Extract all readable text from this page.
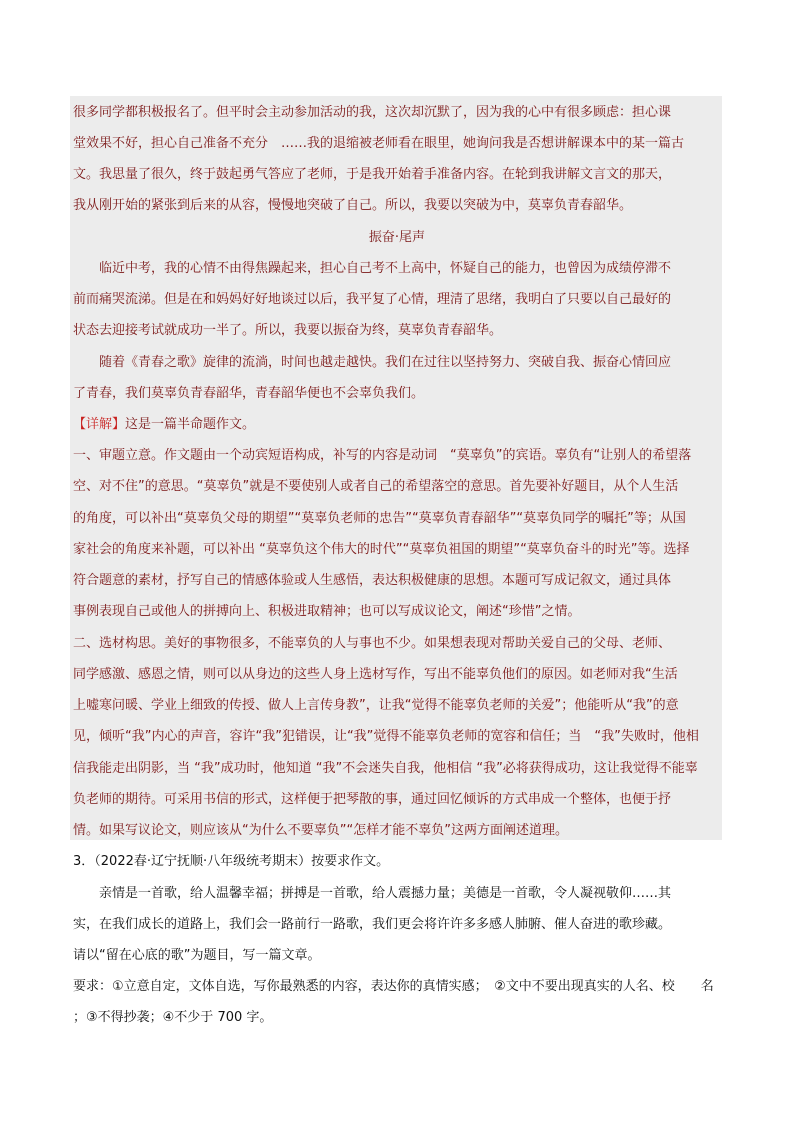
很多同学都积极报名了。但平时会主动参加活动的我，这次却沉默了，因为我的心中有很多顾虑：担心课
堂效果不好，担心自己准备不充分　……我的退缩被老师看在眼里，她询问我是否想讲解课本中的某一篇古
文。我思量了很久，终于鼓起勇气答应了老师，于是我开始着手准备内容。在轮到我讲解文言文的那天，
我从刚开始的紧张到后来的从容，慢慢地突破了自己。所以，我要以突破为中，莫辜负青春韶华。
振奋·尾声
　　临近中考，我的心情不由得焦躁起来，担心自己考不上高中，怀疑自己的能力，也曾因为成绩停滞不
前而痛哭流涕。但是在和妈妈好好地谈过以后，我平复了心情，理清了思绪，我明白了只要以自己最好的
状态去迎接考试就成功一半了。所以，我要以振奋为终，莫辜负青春韶华。
　　随着《青春之歌》旋律的流淌，时间也越走越快。我们在过往以坚持努力、突破自我、振奋心情回应
了青春，我们莫辜负青春韶华，青春韶华便也不会辜负我们。
【详解】这是一篇半命题作文。
一、审题立意。作文题由一个动宾短语构成，补写的内容是动词　“莫辜负”的宾语。辜负有“让别人的希望落
空、对不住”的意思。“莫辜负”就是不要使别人或者自己的希望落空的意思。首先要补好题目，从个人生活
的角度，可以补出“莫辜负父母的期望”“莫辜负老师的忠告”“莫辜负青春韶华”“莫辜负同学的嘱托”等；从国
家社会的角度来补题，可以补出 “莫辜负这个伟大的时代”“莫辜负祖国的期望”“莫辜负奋斗的时光”等。选择
符合题意的素材，抒写自己的情感体验或人生感悟，表达积极健康的思想。本题可写成记叙文，通过具体
事例表现自己或他人的拼搏向上、积极进取精神；也可以写成议论文，阐述“珍惜”之情。
二、选材构思。美好的事物很多，不能辜负的人与事也不少。如果想表现对帮助关爱自己的父母、老师、
同学感激、感恩之情，则可以从身边的这些人身上选材写作，写出不能辜负他们的原因。如老师对我“生活
上嘘寒问暖、学业上细致的传授、做人上言传身教”，让我“觉得不能辜负老师的关爱”；他能听从“我”的意
见，倾听“我”内心的声音，容许“我”犯错误，让“我”觉得不能辜负老师的宽容和信任；当　“我”失败时，他相
信我能走出阴影，当 “我”成功时，他知道 “我”不会迷失自我，他相信 “我”必将获得成功，这让我觉得不能辜
负老师的期待。可采用书信的形式，这样便于把琴散的事，通过回忆倾诉的方式串成一个整体，也便于抒
情。如果写议论文，则应该从“为什么不要辜负”“怎样才能不辜负”这两方面阐述道理。
3．（2022春·辽宁抚顺·八年级统考期末）按要求作文。
　　亲情是一首歌，给人温馨幸福；拼搏是一首歌，给人震撼力量；美德是一首歌，令人凝视敬仰……其
实，在我们成长的道路上，我们会一路前行一路歌，我们更会将许许多多感人肺腑、催人奋进的歌珍藏。
请以“留在心底的歌”为题目，写一篇文章。
要求：①立意自定，文体自选，写你最熟悉的内容，表达你的真情实感；　②文中不要出现真实的人名、校　　名
；③不得抄袭；④不少于 700 字。
